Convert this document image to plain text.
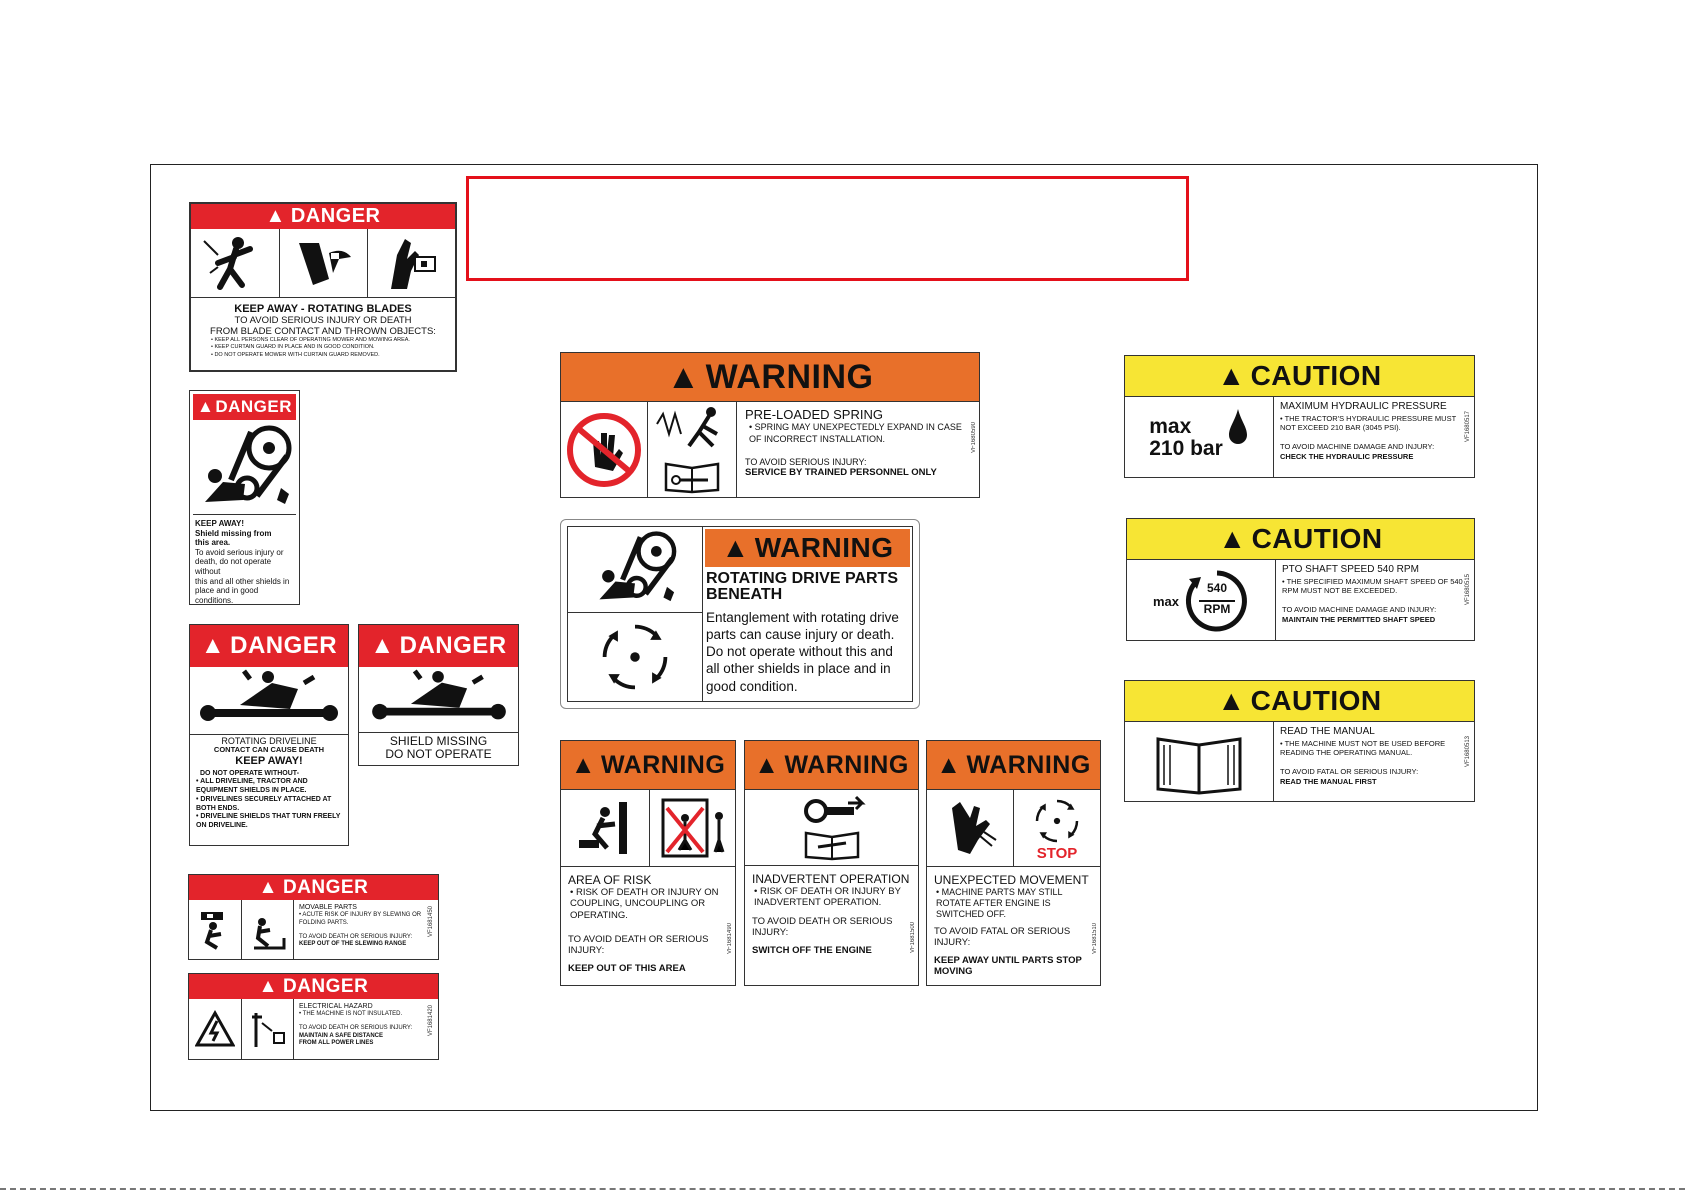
▲ DANGER
KEEP AWAY - ROTATING BLADES
TO AVOID SERIOUS INJURY OR DEATH
FROM BLADE CONTACT AND THROWN OBJECTS:
• KEEP ALL PERSONS CLEAR OF OPERATING MOWER AND MOWING AREA.
• KEEP CURTAIN GUARD IN PLACE AND IN GOOD CONDITION.
• DO NOT OPERATE MOWER WITH CURTAIN GUARD REMOVED.
▲ DANGER
KEEP AWAY!
Shield missing from
this area.
To avoid serious injury or
death, do not operate without
this and all other shields in
place and in good conditions.
▲ DANGER
ROTATING DRIVELINE
CONTACT CAN CAUSE DEATH
KEEP AWAY!
DO NOT OPERATE WITHOUT-
• ALL DRIVELINE, TRACTOR AND EQUIPMENT SHIELDS IN PLACE.
• DRIVELINES SECURELY ATTACHED AT BOTH ENDS.
• DRIVELINE SHIELDS THAT TURN FREELY ON DRIVELINE.
▲ DANGER
SHIELD MISSING
DO NOT OPERATE
▲ DANGER
MOVABLE PARTS
• ACUTE RISK OF INJURY BY SLEWING OR FOLDING PARTS.
TO AVOID DEATH OR SERIOUS INJURY:
KEEP OUT OF THE SLEWING RANGE
VF1681450
▲ DANGER
ELECTRICAL HAZARD
• THE MACHINE IS NOT INSULATED.
TO AVOID DEATH OR SERIOUS INJURY:
MAINTAIN A SAFE DISTANCE
FROM ALL POWER LINES
VF1681420
▲ WARNING
PRE-LOADED SPRING
• SPRING MAY UNEXPECTEDLY EXPAND IN CASE OF INCORRECT INSTALLATION.
TO AVOID SERIOUS INJURY:
SERVICE BY TRAINED PERSONNEL ONLY
VF1680590
▲ WARNING
ROTATING DRIVE PARTS BENEATH
Entanglement with rotating drive parts can cause injury or death. Do not operate without this and all other shields in place and in good condition.
▲ WARNING
AREA OF RISK
• RISK OF DEATH OR INJURY ON COUPLING, UNCOUPLING OR OPERATING.
TO AVOID DEATH OR SERIOUS INJURY:
KEEP OUT OF THIS AREA
VF1681490
▲ WARNING
INADVERTENT OPERATION
• RISK OF DEATH OR INJURY BY INADVERTENT OPERATION.
TO AVOID DEATH OR SERIOUS INJURY:
SWITCH OFF THE ENGINE	VF1681500
▲ WARNING
STOP
UNEXPECTED MOVEMENT
• MACHINE PARTS MAY STILL ROTATE AFTER ENGINE IS SWITCHED OFF.
TO AVOID FATAL OR SERIOUS INJURY:
KEEP AWAY UNTIL PARTS STOP MOVING
VF1681510
▲ CAUTION
max
210 bar
MAXIMUM HYDRAULIC PRESSURE
• THE TRACTOR'S HYDRAULIC PRESSURE MUST NOT EXCEED 210 BAR (3045 PSI).
TO AVOID MACHINE DAMAGE AND INJURY:
CHECK THE HYDRAULIC PRESSURE
VF1680517
▲ CAUTION
max
540
RPM
PTO SHAFT SPEED 540 RPM
• THE SPECIFIED MAXIMUM SHAFT SPEED OF 540 RPM MUST NOT BE EXCEEDED.
TO AVOID MACHINE DAMAGE AND INJURY:
MAINTAIN THE PERMITTED SHAFT SPEED
VF1680515
▲ CAUTION
READ THE MANUAL
• THE MACHINE MUST NOT BE USED BEFORE READING THE OPERATING MANUAL.
TO AVOID FATAL OR SERIOUS INJURY:
READ THE MANUAL FIRST
VF1680513
